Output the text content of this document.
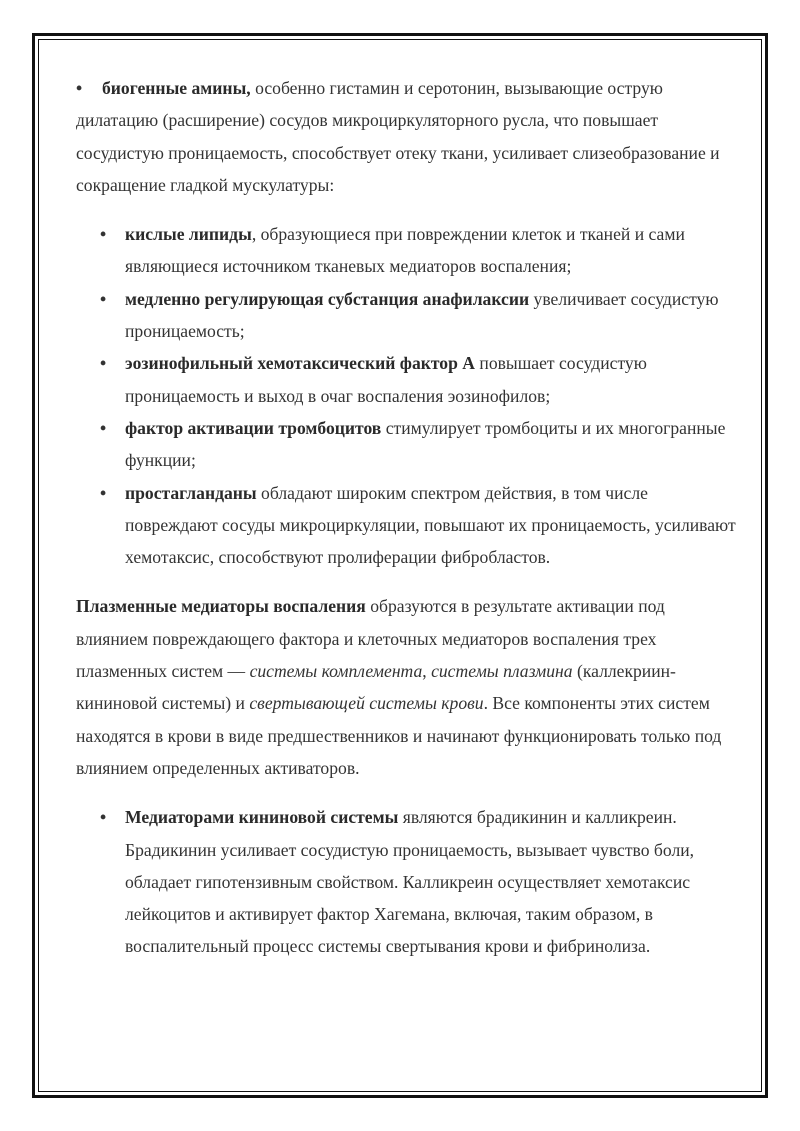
• биогенные амины, особенно гистамин и серотонин, вызывающие острую дилатацию (расширение) сосудов микроциркуляторного русла, что повышает сосудистую проницаемость, способствует отеку ткани, усиливает слизеобразование и сокращение гладкой мускулатуры:
• кислые липиды, образующиеся при повреждении клеток и тканей и сами являющиеся источником тканевых медиаторов воспаления;
• медленно регулирующая субстанция анафилаксии увеличивает сосудистую проницаемость;
• эозинофильный хемотаксический фактор А повышает сосудистую проницаемость и выход в очаг воспаления эозинофилов;
• фактор активации тромбоцитов стимулирует тромбоциты и их многогранные функции;
• простагланданы обладают широким спектром действия, в том числе повреждают сосуды микроциркуляции, повышают их проницаемость, усиливают хемотаксис, способствуют пролиферации фибробластов.

Плазменные медиаторы воспаления образуются в результате активации под влиянием повреждающего фактора и клеточных медиаторов воспаления трех плазменных систем — системы комплемента, системы плазмина (каллекриин-кининовой системы) и свертывающей системы крови. Все компоненты этих систем находятся в крови в виде предшественников и начинают функционировать только под влиянием определенных активаторов.

• Медиаторами кининовой системы являются брадикинин и калликреин. Брадикинин усиливает сосудистую проницаемость, вызывает чувство боли, обладает гипотензивным свойством. Калликреин осуществляет хемотаксис лейкоцитов и активирует фактор Хагемана, включая, таким образом, в воспалительный процесс системы свертывания крови и фибринолиза.
